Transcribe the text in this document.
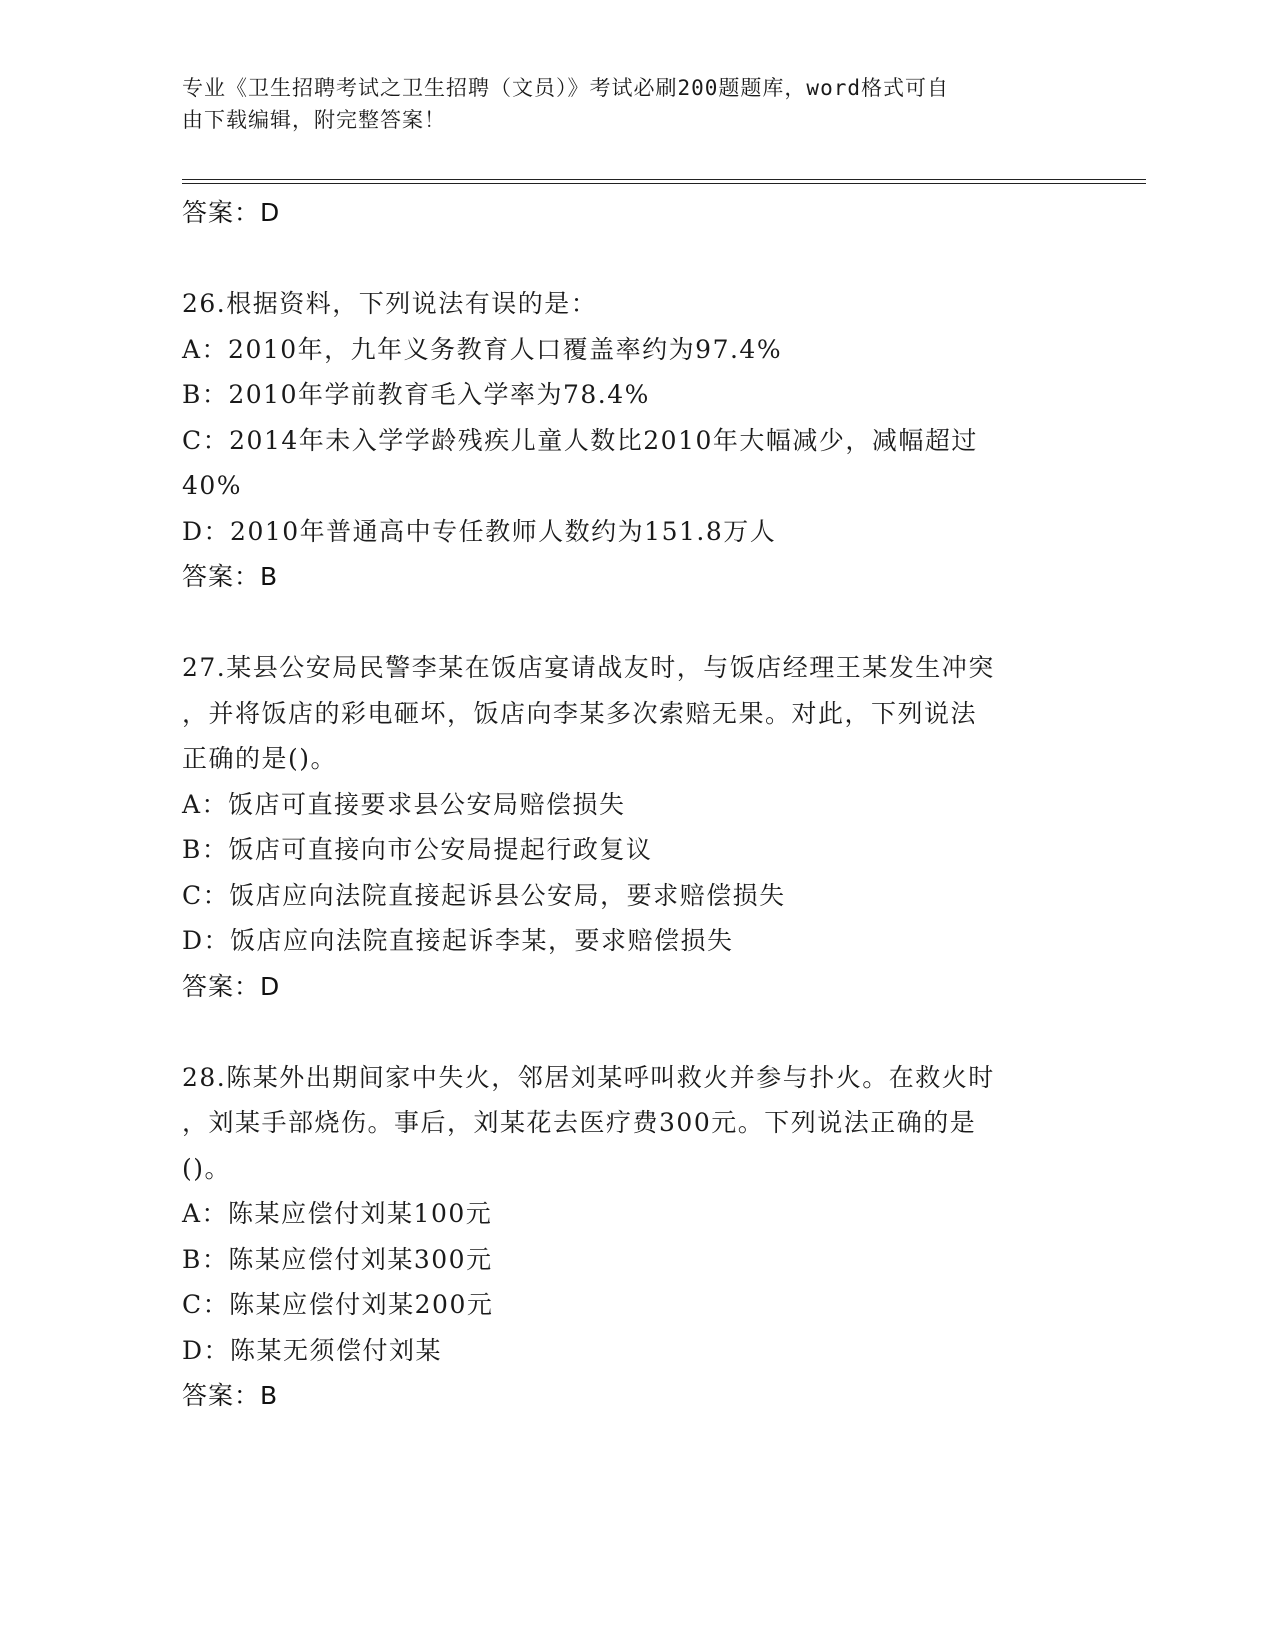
专业《卫生招聘考试之卫生招聘（文员）》考试必刷200题题库，word格式可自
由下载编辑，附完整答案！
答案：D
26.根据资料，下列说法有误的是：
A：2010年，九年义务教育人口覆盖率约为97.4%
B：2010年学前教育毛入学率为78.4%
C：2014年未入学学龄残疾儿童人数比2010年大幅减少，减幅超过
40%
D：2010年普通高中专任教师人数约为151.8万人
答案：B
27.某县公安局民警李某在饭店宴请战友时，与饭店经理王某发生冲突
，并将饭店的彩电砸坏，饭店向李某多次索赔无果。对此，下列说法
正确的是()。
A：饭店可直接要求县公安局赔偿损失
B：饭店可直接向市公安局提起行政复议
C：饭店应向法院直接起诉县公安局，要求赔偿损失
D：饭店应向法院直接起诉李某，要求赔偿损失
答案：D
28.陈某外出期间家中失火，邻居刘某呼叫救火并参与扑火。在救火时
，刘某手部烧伤。事后，刘某花去医疗费300元。下列说法正确的是
()。
A：陈某应偿付刘某100元
B：陈某应偿付刘某300元
C：陈某应偿付刘某200元
D：陈某无须偿付刘某
答案：B
